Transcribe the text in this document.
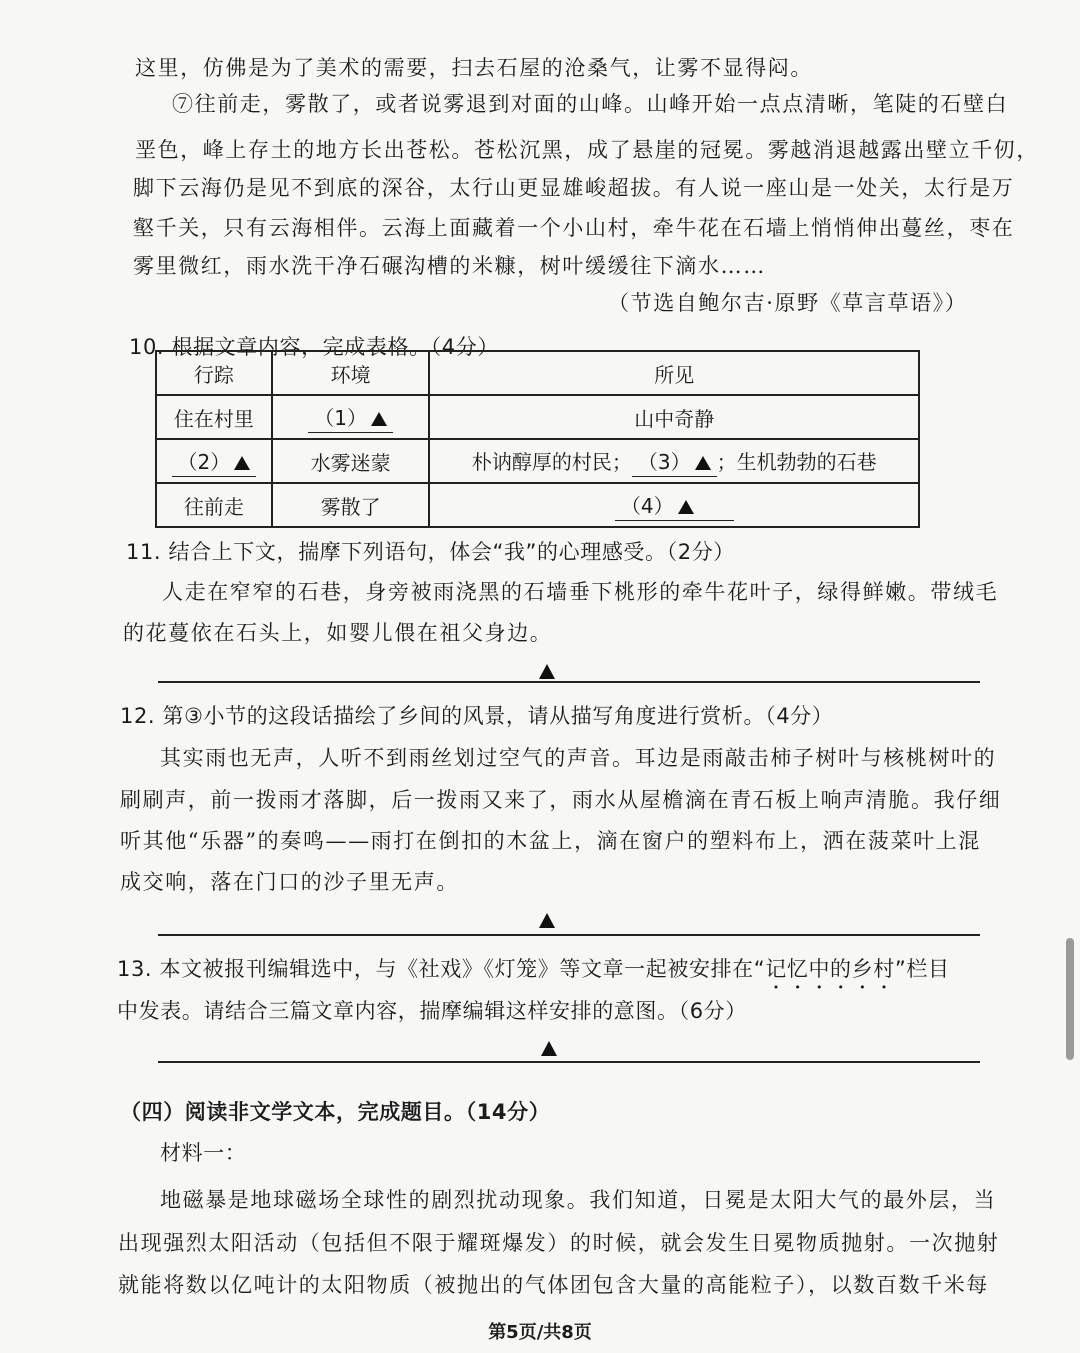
这里，仿佛是为了美术的需要，扫去石屋的沧桑气，让雾不显得闷。
⑦往前走，雾散了，或者说雾退到对面的山峰。山峰开始一点点清晰，笔陡的石壁白
垩色，峰上存土的地方长出苍松。苍松沉黑，成了悬崖的冠冕。雾越消退越露出壁立千仞，
脚下云海仍是见不到底的深谷，太行山更显雄峻超拔。有人说一座山是一处关，太行是万
壑千关，只有云海相伴。云海上面藏着一个小山村，牵牛花在石墙上悄悄伸出蔓丝，枣在
雾里微红，雨水洗干净石碾沟槽的米糠，树叶缓缓往下滴水……
（节选自鲍尔吉·原野《草言草语》）
10. 根据文章内容，完成表格。（4分）
行踪	环境	所见
住在村里	（1）	山中奇静
（2）	水雾迷蒙	朴讷醇厚的村民； （3） ；生机勃勃的石巷
往前走	雾散了	（4）
11. 结合上下文，揣摩下列语句，体会“我”的心理感受。（2分）
人走在窄窄的石巷，身旁被雨浇黑的石墙垂下桃形的牵牛花叶子，绿得鲜嫩。带绒毛
的花蔓依在石头上，如婴儿偎在祖父身边。
12. 第③小节的这段话描绘了乡间的风景，请从描写角度进行赏析。（4分）
其实雨也无声，人听不到雨丝划过空气的声音。耳边是雨敲击柿子树叶与核桃树叶的
刷刷声，前一拨雨才落脚，后一拨雨又来了，雨水从屋檐滴在青石板上响声清脆。我仔细
听其他“乐器”的奏鸣——雨打在倒扣的木盆上，滴在窗户的塑料布上，洒在菠菜叶上混
成交响，落在门口的沙子里无声。
13. 本文被报刊编辑选中，与《社戏》《灯笼》等文章一起被安排在“记忆中的乡村”栏目
中发表。请结合三篇文章内容，揣摩编辑这样安排的意图。（6分）
（四）阅读非文学文本，完成题目。（14分）
材料一：
地磁暴是地球磁场全球性的剧烈扰动现象。我们知道，日冕是太阳大气的最外层，当
出现强烈太阳活动（包括但不限于耀斑爆发）的时候，就会发生日冕物质抛射。一次抛射
就能将数以亿吨计的太阳物质（被抛出的气体团包含大量的高能粒子），以数百数千米每
第5页/共8页
